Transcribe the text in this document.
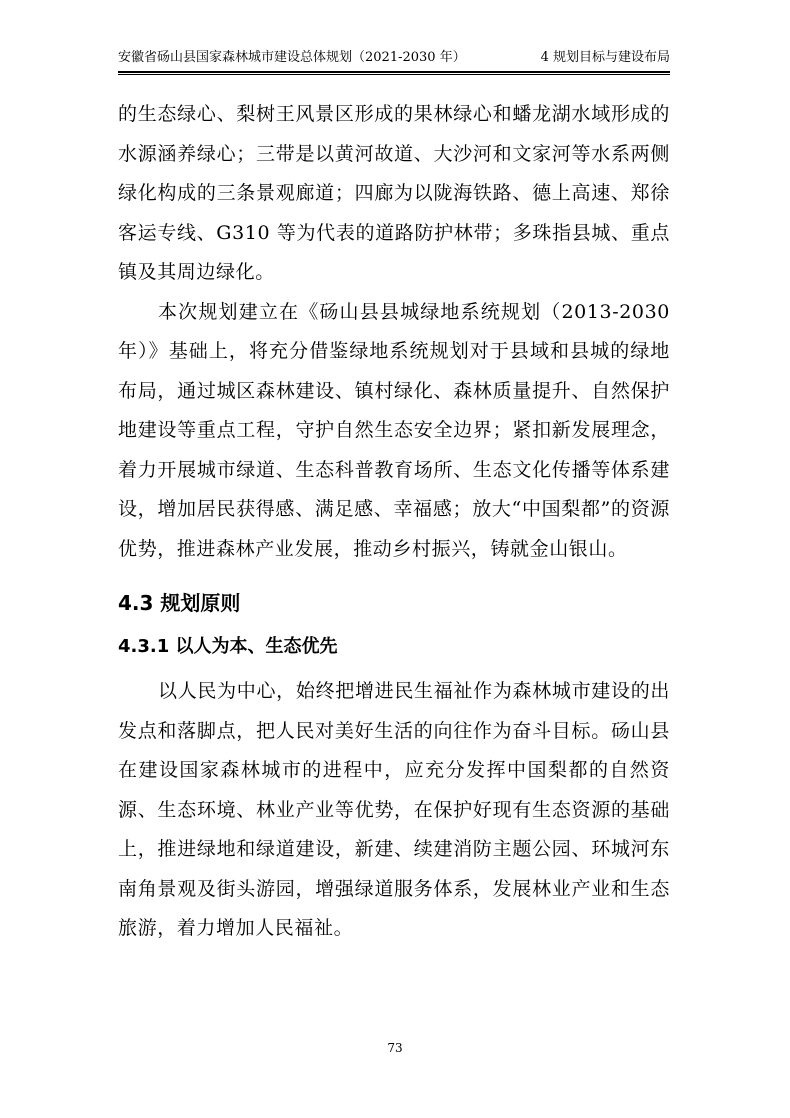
安徽省砀山县国家森林城市建设总体规划（2021-2030 年）	4 规划目标与建设布局

的生态绿心、梨树王风景区形成的果林绿心和蟠龙湖水域形成的水源涵养绿心；三带是以黄河故道、大沙河和文家河等水系两侧绿化构成的三条景观廊道；四廊为以陇海铁路、德上高速、郑徐客运专线、G310 等为代表的道路防护林带；多珠指县城、重点镇及其周边绿化。

本次规划建立在《砀山县县城绿地系统规划（2013-2030 年）》基础上，将充分借鉴绿地系统规划对于县域和县城的绿地布局，通过城区森林建设、镇村绿化、森林质量提升、自然保护地建设等重点工程，守护自然生态安全边界；紧扣新发展理念，着力开展城市绿道、生态科普教育场所、生态文化传播等体系建设，增加居民获得感、满足感、幸福感；放大“中国梨都”的资源优势，推进森林产业发展，推动乡村振兴，铸就金山银山。

4.3 规划原则
4.3.1 以人为本、生态优先

以人民为中心，始终把增进民生福祉作为森林城市建设的出发点和落脚点，把人民对美好生活的向往作为奋斗目标。砀山县在建设国家森林城市的进程中，应充分发挥中国梨都的自然资源、生态环境、林业产业等优势，在保护好现有生态资源的基础上，推进绿地和绿道建设，新建、续建消防主题公园、环城河东南角景观及街头游园，增强绿道服务体系，发展林业产业和生态旅游，着力增加人民福祉。

73
